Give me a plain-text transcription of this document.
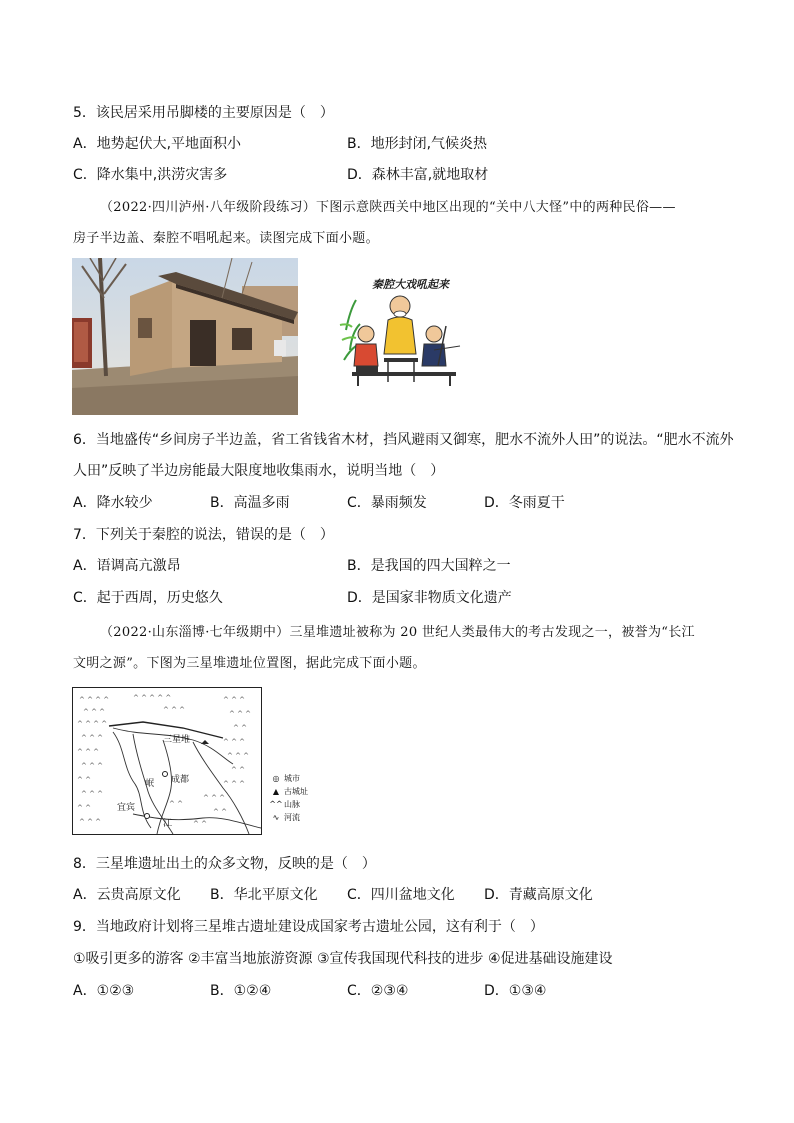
5．该民居采用吊脚楼的主要原因是（　）
A．地势起伏大,平地面积小	B．地形封闭,气候炎热
C．降水集中,洪涝灾害多	D．森林丰富,就地取材
（2022·四川泸州·八年级阶段练习）下图示意陕西关中地区出现的“关中八大怪”中的两种民俗——
房子半边盖、秦腔不唱吼起来。读图完成下面小题。
秦腔大戏吼起来
6．当地盛传“乡间房子半边盖，省工省钱省木材，挡风避雨又御寒，肥水不流外人田”的说法。“肥水不流外
人田”反映了半边房能最大限度地收集雨水，说明当地（　）
A．降水较少	B．高温多雨	C．暴雨频发	D．冬雨夏干
7．下列关于秦腔的说法，错误的是（　）
A．语调高亢激昂	B．是我国的四大国粹之一
C．起于西周，历史悠久	D．是国家非物质文化遗产
（2022·山东淄博·七年级期中）三星堆遗址被称为 20 世纪人类最伟大的考古发现之一，被誉为“长江
文明之源”。下图为三星堆遗址位置图，据此完成下面小题。
^ ^ ^ ^
^ ^ ^
^ ^ ^ ^
^ ^ ^
^ ^ ^
^ ^ ^
^ ^
^ ^ ^
^ ^
^ ^ ^
^ ^ ^ ^ ^
^ ^ ^
^ ^ ^
^ ^ ^
^ ^
^ ^ ^
^ ^ ^
^ ^
^ ^ ^
^ ^ ^
^ ^
^ ^
^ ^
三星堆
成都
岷
宜宾
江
◎ 城市
▲ 古城址
^^山脉
∿ 河流
8．三星堆遗址出土的众多文物，反映的是（　）
A．云贵高原文化 B．华北平原文化 C．四川盆地文化 D．青藏高原文化
9．当地政府计划将三星堆古遗址建设成国家考古遗址公园，这有利于（　）
①吸引更多的游客 ②丰富当地旅游资源 ③宣传我国现代科技的进步 ④促进基础设施建设
A．①②③	B．①②④	C．②③④	D．①③④
